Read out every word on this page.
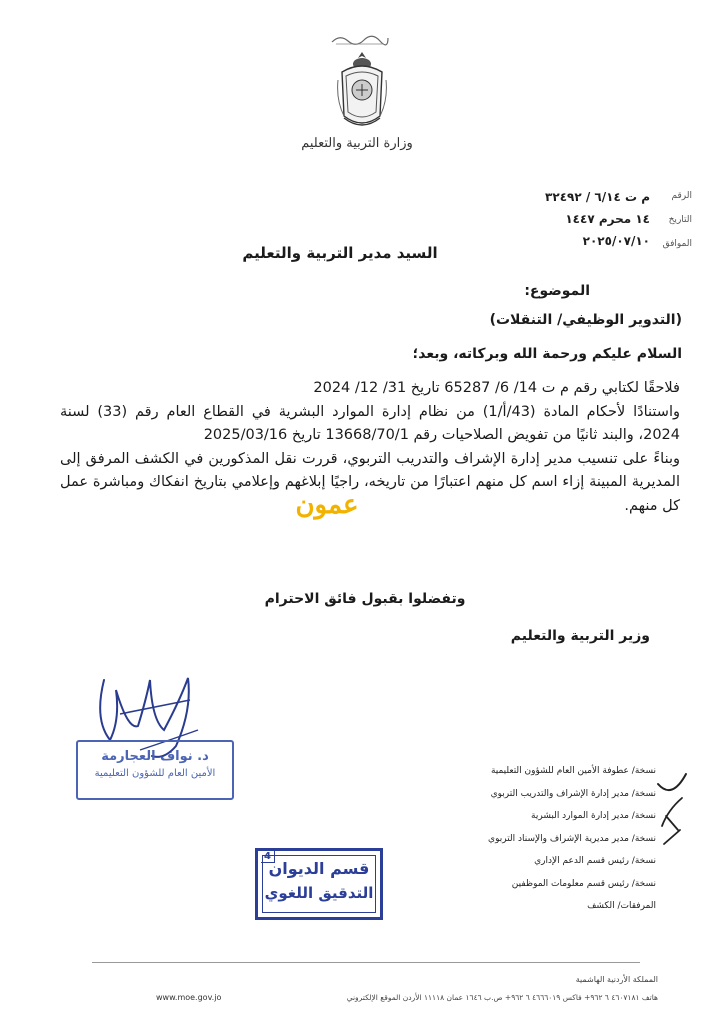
وزارة التربية والتعليم
الرقم
التاريخ
الموافق
م ت ٦/١٤ / ٣٢٤٩٢
١٤ محرم ١٤٤٧
٢٠٢٥/٠٧/١٠
السيد مدير التربية والتعليم
الموضوع:
(التدوير الوظيفي/ التنقلات)
السلام عليكم ورحمة الله وبركاته، وبعد؛

فلاحقًا لكتابي رقم م ت 14/ 6/ 65287 تاريخ 31/ 12/ 2024

واستنادًا لأحكام المادة (43/أ/1) من نظام إدارة الموارد البشرية في القطاع العام رقم (33) لسنة 2024، والبند ثانيًا من تفويض الصلاحيات رقم 13668/70/1 تاريخ 2025/03/16

وبناءً على تنسيب مدير إدارة الإشراف والتدريب التربوي، قررت نقل المذكورين في الكشف المرفق إلى المديرية المبينة إزاء اسم كل منهم اعتبارًا من تاريخه، راجيًا إبلاغهم وإعلامي بتاريخ انفكاك ومباشرة عمل كل منهم.

عمون
وتفضلوا بقبول فائق الاحترام
وزير التربية والتعليم
د. نواف العجارمة
الأمين العام للشؤون التعليمية
4
قسم الديوان
التدقيق اللغوي
نسخة/ عطوفة الأمين العام للشؤون التعليمية
نسخة/ مدير إدارة الإشراف والتدريب التربوي
نسخة/ مدير إدارة الموارد البشرية
نسخة/ مدير مديرية الإشراف والإسناد التربوي
نسخة/ رئيس قسم الدعم الإداري
نسخة/ رئيس قسم معلومات الموظفين
المرفقات/ الكشف
المملكة الأردنية الهاشمية
هاتف ٤٦٠٧١٨١ ٦ ٩٦٢+ فاكس ٤٦٦٦٠١٩ ٦ ٩٦٢+ ص.ب ١٦٤٦ عمان ١١١١٨ الأردن الموقع الإلكتروني
www.moe.gov.jo
